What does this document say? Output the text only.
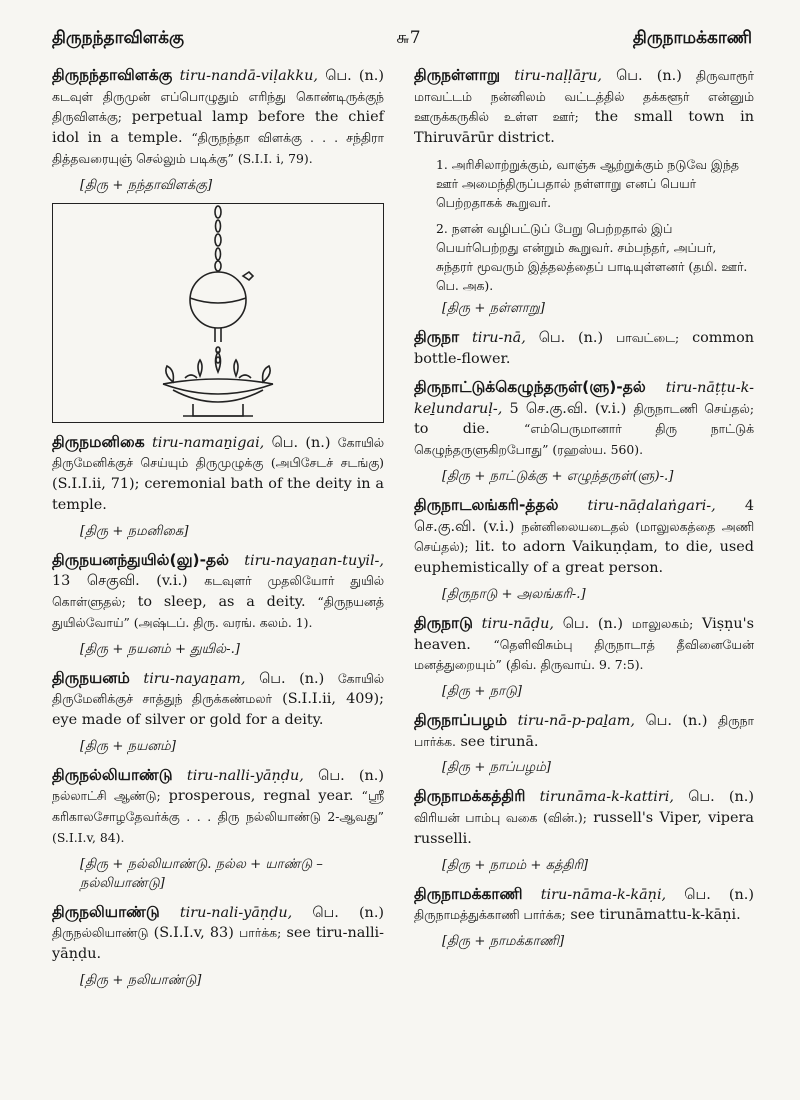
திருநந்தாவிளக்கு	௬7	திருநாமக்காணி
திருநந்தாவிளக்கு tiru-nandā-viḷakku, பெ. (n.) கடவுள் திருமுன் எப்பொழுதும் எரிந்து கொண்டிருக்குந் திருவிளக்கு; perpetual lamp before the chief idol in a temple. “திருநந்தா விளக்கு . . . சந்திரா தித்தவரையுஞ் செல்லும் படிக்கு” (S.I.I. i, 79).
[திரு + நந்தாவிளக்கு]
திருநமனிகை tiru-namaṉigai, பெ. (n.) கோயில் திருமேனிக்குச் செய்யும் திருமுழுக்கு (அபிசேடச் சடங்கு) (S.I.I.ii, 71); ceremonial bath of the deity in a temple.
[திரு + நமனிகை]
திருநயனந்துயில்(லு)-தல் tiru-nayaṉan-tuyil-, 13 செகுவி. (v.i.) கடவுளர் முதலியோர் துயில் கொள்ளுதல்; to sleep, as a deity. “திருநயனத் துயில்வோய்” (அஷ்டப். திரு. வரங். கலம். 1).
[திரு + நயனம் + துயில்-.]
திருநயனம் tiru-nayaṉam, பெ. (n.) கோயில் திருமேனிக்குச் சாத்துந் திருக்கண்மலர் (S.I.I.ii, 409); eye made of silver or gold for a deity.
[திரு + நயனம்]
திருநல்லியாண்டு tiru-nalli-yāṇḍu, பெ. (n.) நல்லாட்சி ஆண்டு; prosperous, regnal year. “ஸ்ரீ கரிகாலசோழதேவர்க்கு . . . திரு நல்லியாண்டு 2-ஆவது” (S.I.I.v, 84).
[திரு + நல்லியாண்டு. நல்ல + யாண்டு – நல்லியாண்டு]
திருநலியாண்டு tiru-nali-yāṇḍu, பெ. (n.) திருநல்லியாண்டு (S.I.I.v, 83) பார்க்க; see tiru-nalli-yāṇḍu.
[திரு + நலியாண்டு]
திருநள்ளாறு tiru-naḷḷāṟu, பெ. (n.) திருவாரூர் மாவட்டம் நன்னிலம் வட்டத்தில் தக்களூர் என்னும் ஊருக்கருகில் உள்ள ஊர்; the small town in Thiruvārūr district.
1. அரிசிலாற்றுக்கும், வாஞ்சு ஆற்றுக்கும் நடுவே இந்த ஊர் அமைந்திருப்பதால் நள்ளாறு எனப் பெயர் பெற்றதாகக் கூறுவர்.
2. நளன் வழிபட்டுப் பேறு பெற்றதால் இப் பெயர்பெற்றது என்றும் கூறுவர். சம்பந்தர், அப்பர், சுந்தரர் மூவரும் இத்தலத்தைப் பாடியுள்ளனர் (தமி. ஊர். பெ. அக).
[திரு + நள்ளாறு]
திருநா tiru-nā, பெ. (n.) பாவட்டை; common bottle-flower.
திருநாட்டுக்கெழுந்தருள்(ளு)-தல் tiru-nāṭṭu-k-keḻundaruḷ-, 5 செ.கு.வி. (v.i.) திருநாடணி செய்தல்; to die.	“எம்பெருமானார் திரு நாட்டுக் கெழுந்தருளுகிறபோது” (ரஹஸ்ய. 560).
[திரு + நாட்டுக்கு + எழுந்தருள்(ளு)-.]
திருநாடலங்கரி-த்தல் tiru-nāḍalaṅgari-, 4 செ.கு.வி. (v.i.) நன்னிலையடைதல் (மாலுலகத்தை அணி செய்தல்); lit. to adorn Vaikuṇḍam, to die, used euphemistically of a great person.
[திருநாடு + அலங்கரி-.]
திருநாடு tiru-nāḍu, பெ. (n.) மாலுலகம்; Viṣṇu's heaven. “தெளிவிசும்பு திருநாடாத் தீவினையேன் மனத்துறையும்” (திவ். திருவாய். 9. 7:5).
[திரு + நாடு]
திருநாப்பழம் tiru-nā-p-paḻam, பெ. (n.) திருநா பார்க்க. see tirunā.
[திரு + நாப்பழம்]
திருநாமக்கத்திரி tirunāma-k-kattiri, பெ. (n.) விரியன் பாம்பு வகை (வின்.); russell's Viper, vipera russelli.
[திரு + நாமம் + கத்திரி]
திருநாமக்காணி tiru-nāma-k-kāṇi, பெ. (n.) திருநாமத்துக்காணி பார்க்க; see tirunāmattu-k-kāṇi.
[திரு + நாமக்காணி]
